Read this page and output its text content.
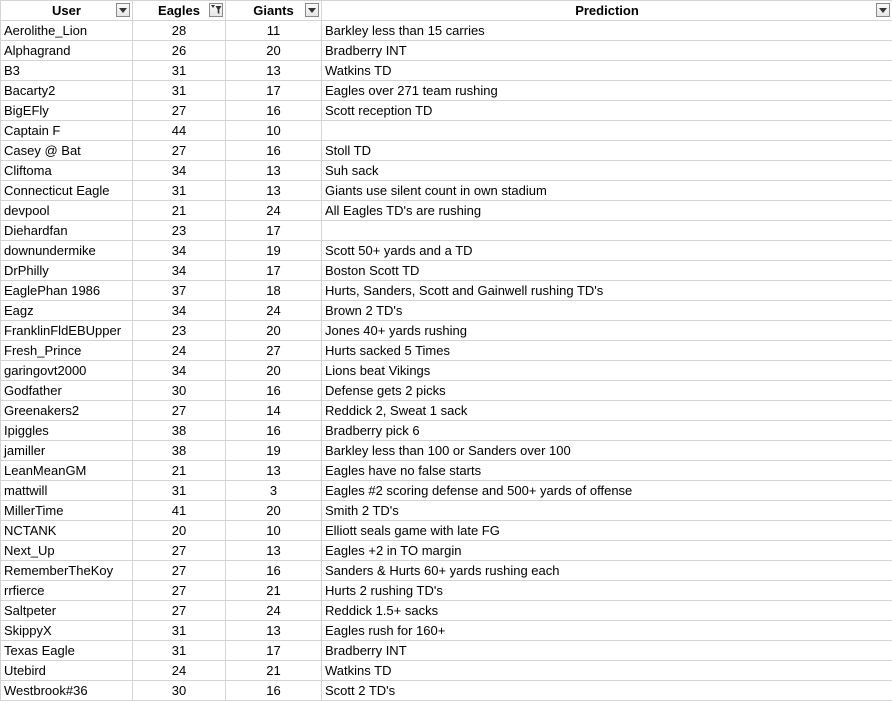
User	Eagles	Giants	Prediction

Aerolithe_Lion	28	11	Barkley less than 15 carries
Alphagrand	26	20	Bradberry INT
B3	31	13	Watkins TD
Bacarty2	31	17	Eagles over 271 team rushing
BigEFly	27	16	Scott reception TD
Captain F	44	10	
Casey @ Bat	27	16	Stoll TD
Cliftoma	34	13	Suh sack
Connecticut Eagle	31	13	Giants use silent count in own stadium
devpool	21	24	All Eagles TD's are rushing
Diehardfan	23	17	
downundermike	34	19	Scott 50+ yards and a TD
DrPhilly	34	17	Boston Scott TD
EaglePhan 1986	37	18	Hurts, Sanders, Scott and Gainwell rushing TD's
Eagz	34	24	Brown 2 TD's
FranklinFldEBUpper	23	20	Jones 40+ yards rushing
Fresh_Prince	24	27	Hurts sacked 5 Times
garingovt2000	34	20	Lions beat Vikings
Godfather	30	16	Defense gets 2 picks
Greenakers2	27	14	Reddick 2, Sweat 1 sack
Ipiggles	38	16	Bradberry pick 6
jamiller	38	19	Barkley less than 100 or Sanders over 100
LeanMeanGM	21	13	Eagles have no false starts
mattwill	31	3	Eagles #2 scoring defense and 500+ yards of offense
MillerTime	41	20	Smith 2 TD's
NCTANK	20	10	Elliott seals game with late FG
Next_Up	27	13	Eagles +2 in TO margin
RememberTheKoy	27	16	Sanders & Hurts 60+ yards rushing each
rrfierce	27	21	Hurts 2 rushing TD's
Saltpeter	27	24	Reddick 1.5+ sacks
SkippyX	31	13	Eagles rush for 160+
Texas Eagle	31	17	Bradberry INT
Utebird	24	21	Watkins TD
Westbrook#36	30	16	Scott 2 TD's
